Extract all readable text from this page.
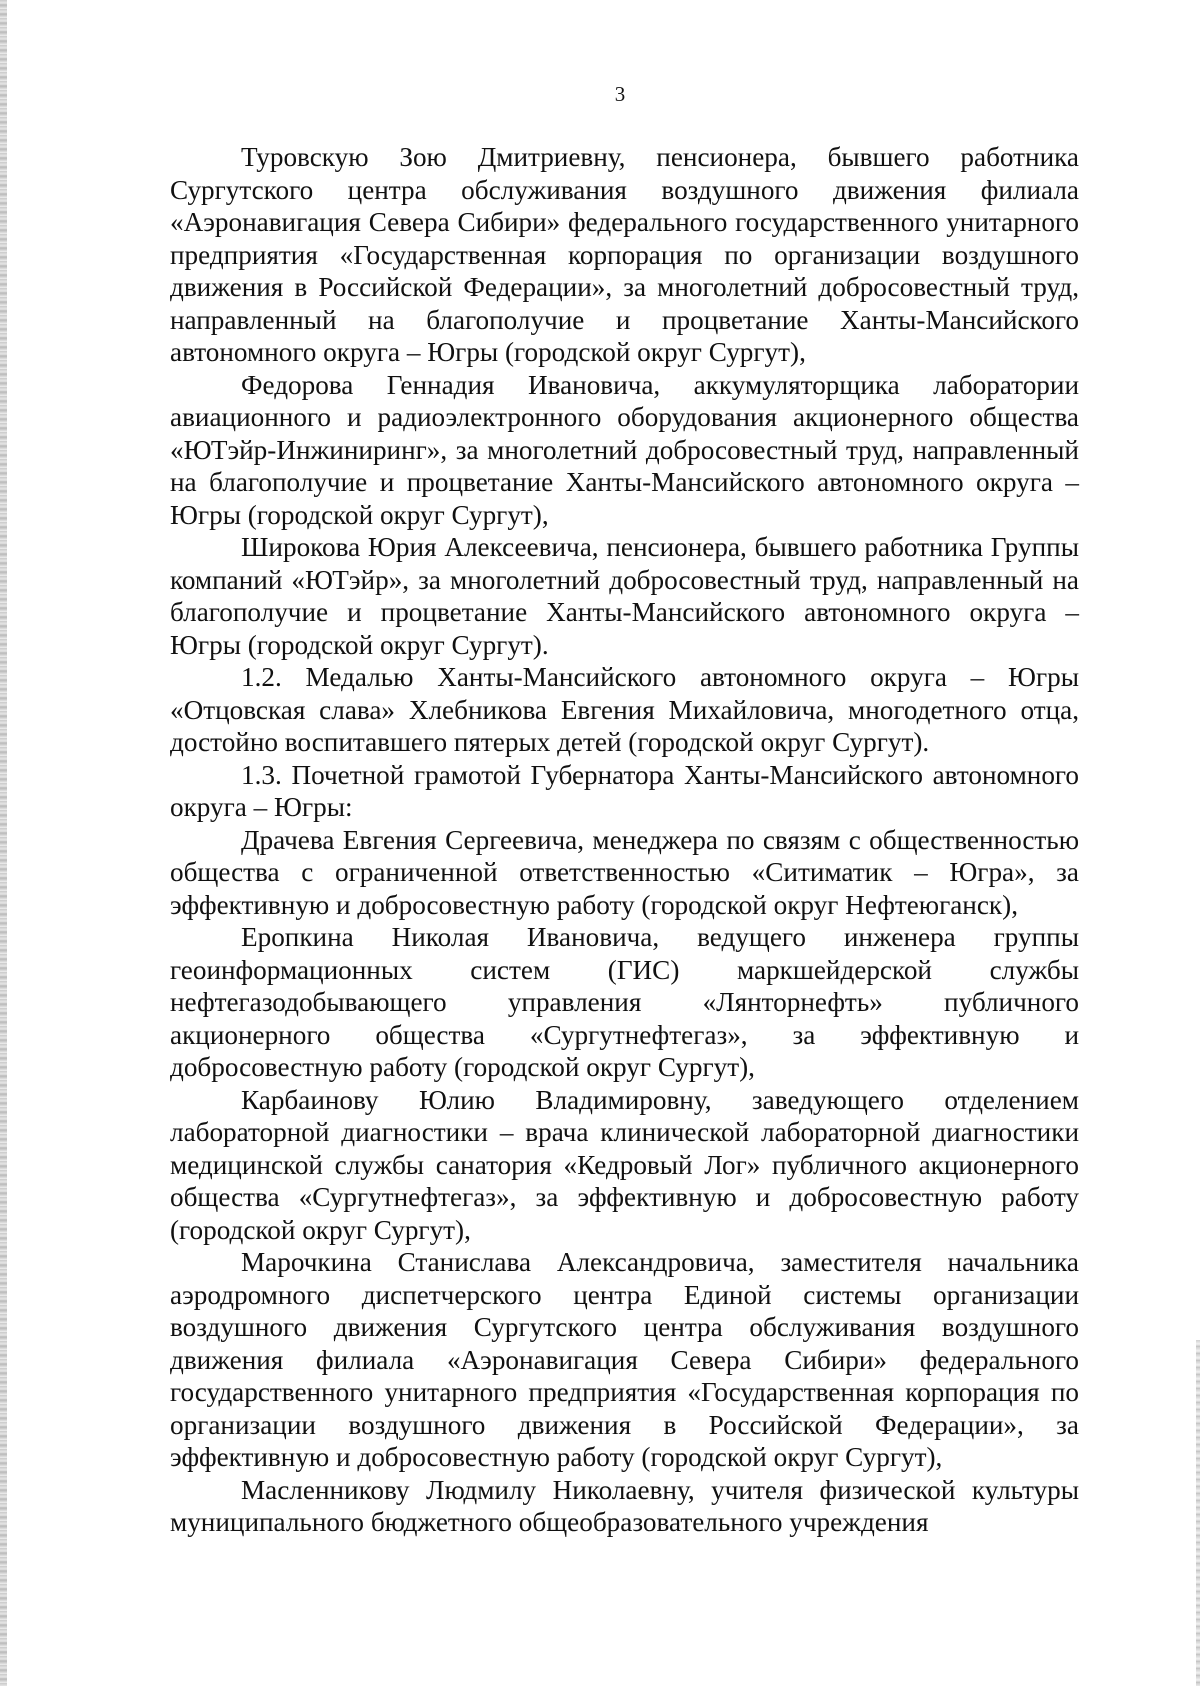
3

Туровскую Зою Дмитриевну, пенсионера, бывшего работника Сургутского центра обслуживания воздушного движения филиала «Аэронавигация Севера Сибири» федерального государственного унитарного предприятия «Государственная корпорация по организации воздушного движения в Российской Федерации», за многолетний добросовестный труд, направленный на благополучие и процветание Ханты-Мансийского автономного округа – Югры (городской округ Сургут),

Федорова Геннадия Ивановича, аккумуляторщика лаборатории авиационного и радиоэлектронного оборудования акционерного общества «ЮТэйр-Инжиниринг», за многолетний добросовестный труд, направленный на благополучие и процветание Ханты-Мансийского автономного округа – Югры (городской округ Сургут),

Широкова Юрия Алексеевича, пенсионера, бывшего работника Группы компаний «ЮТэйр», за многолетний добросовестный труд, направленный на благополучие и процветание Ханты-Мансийского автономного округа – Югры (городской округ Сургут).

1.2. Медалью Ханты-Мансийского автономного округа – Югры «Отцовская слава» Хлебникова Евгения Михайловича, многодетного отца, достойно воспитавшего пятерых детей (городской округ Сургут).

1.3. Почетной грамотой Губернатора Ханты-Мансийского автономного округа – Югры:

Драчева Евгения Сергеевича, менеджера по связям с общественностью общества с ограниченной ответственностью «Ситиматик – Югра», за эффективную и добросовестную работу (городской округ Нефтеюганск),

Еропкина Николая Ивановича, ведущего инженера группы геоинформационных систем (ГИС) маркшейдерской службы нефтегазодобывающего управления «Лянторнефть» публичного акционерного общества «Сургутнефтегаз», за эффективную и добросовестную работу (городской округ Сургут),

Карбаинову Юлию Владимировну, заведующего отделением лабораторной диагностики – врача клинической лабораторной диагностики медицинской службы санатория «Кедровый Лог» публичного акционерного общества «Сургутнефтегаз», за эффективную и добросовестную работу (городской округ Сургут),

Марочкина Станислава Александровича, заместителя начальника аэродромного диспетчерского центра Единой системы организации воздушного движения Сургутского центра обслуживания воздушного движения филиала «Аэронавигация Севера Сибири» федерального государственного унитарного предприятия «Государственная корпорация по организации воздушного движения в Российской Федерации», за эффективную и добросовестную работу (городской округ Сургут),

Масленникову Людмилу Николаевну, учителя физической культуры муниципального бюджетного общеобразовательного учреждения
